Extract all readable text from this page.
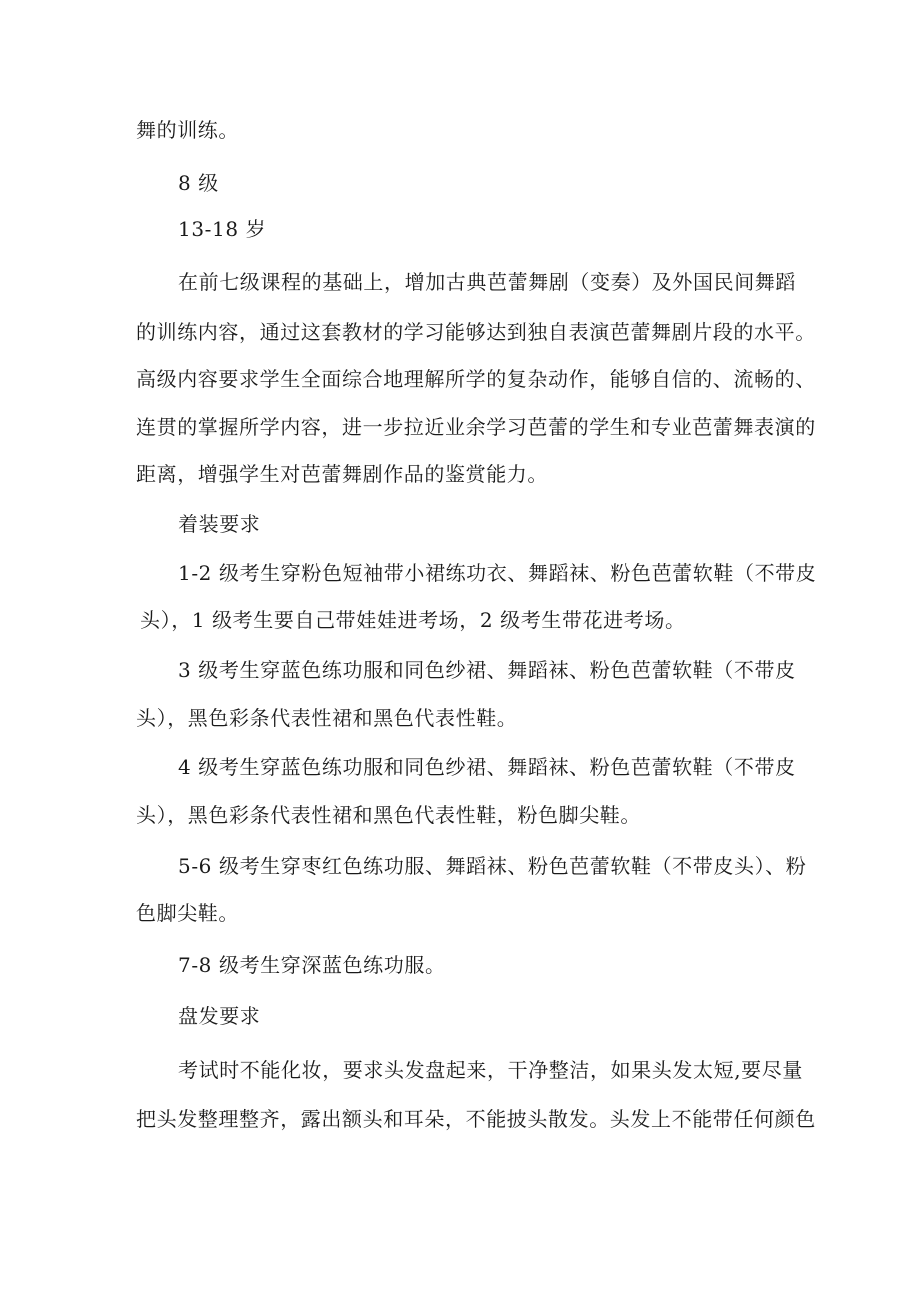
舞的训练。
8 级
13-18 岁
在前七级课程的基础上，增加古典芭蕾舞剧（变奏）及外国民间舞蹈
的训练内容，通过这套教材的学习能够达到独自表演芭蕾舞剧片段的水平。
高级内容要求学生全面综合地理解所学的复杂动作，能够自信的、流畅的、
连贯的掌握所学内容，进一步拉近业余学习芭蕾的学生和专业芭蕾舞表演的
距离，增强学生对芭蕾舞剧作品的鉴赏能力。
着装要求
1-2 级考生穿粉色短袖带小裙练功衣、舞蹈袜、粉色芭蕾软鞋（不带皮
头），1 级考生要自己带娃娃进考场，2 级考生带花进考场。
3 级考生穿蓝色练功服和同色纱裙、舞蹈袜、粉色芭蕾软鞋（不带皮
头），黑色彩条代表性裙和黑色代表性鞋。
4 级考生穿蓝色练功服和同色纱裙、舞蹈袜、粉色芭蕾软鞋（不带皮
头），黑色彩条代表性裙和黑色代表性鞋，粉色脚尖鞋。
5-6 级考生穿枣红色练功服、舞蹈袜、粉色芭蕾软鞋（不带皮头）、粉
色脚尖鞋。
7-8 级考生穿深蓝色练功服。
盘发要求
考试时不能化妆，要求头发盘起来，干净整洁，如果头发太短,要尽量
把头发整理整齐，露出额头和耳朵，不能披头散发。头发上不能带任何颜色
